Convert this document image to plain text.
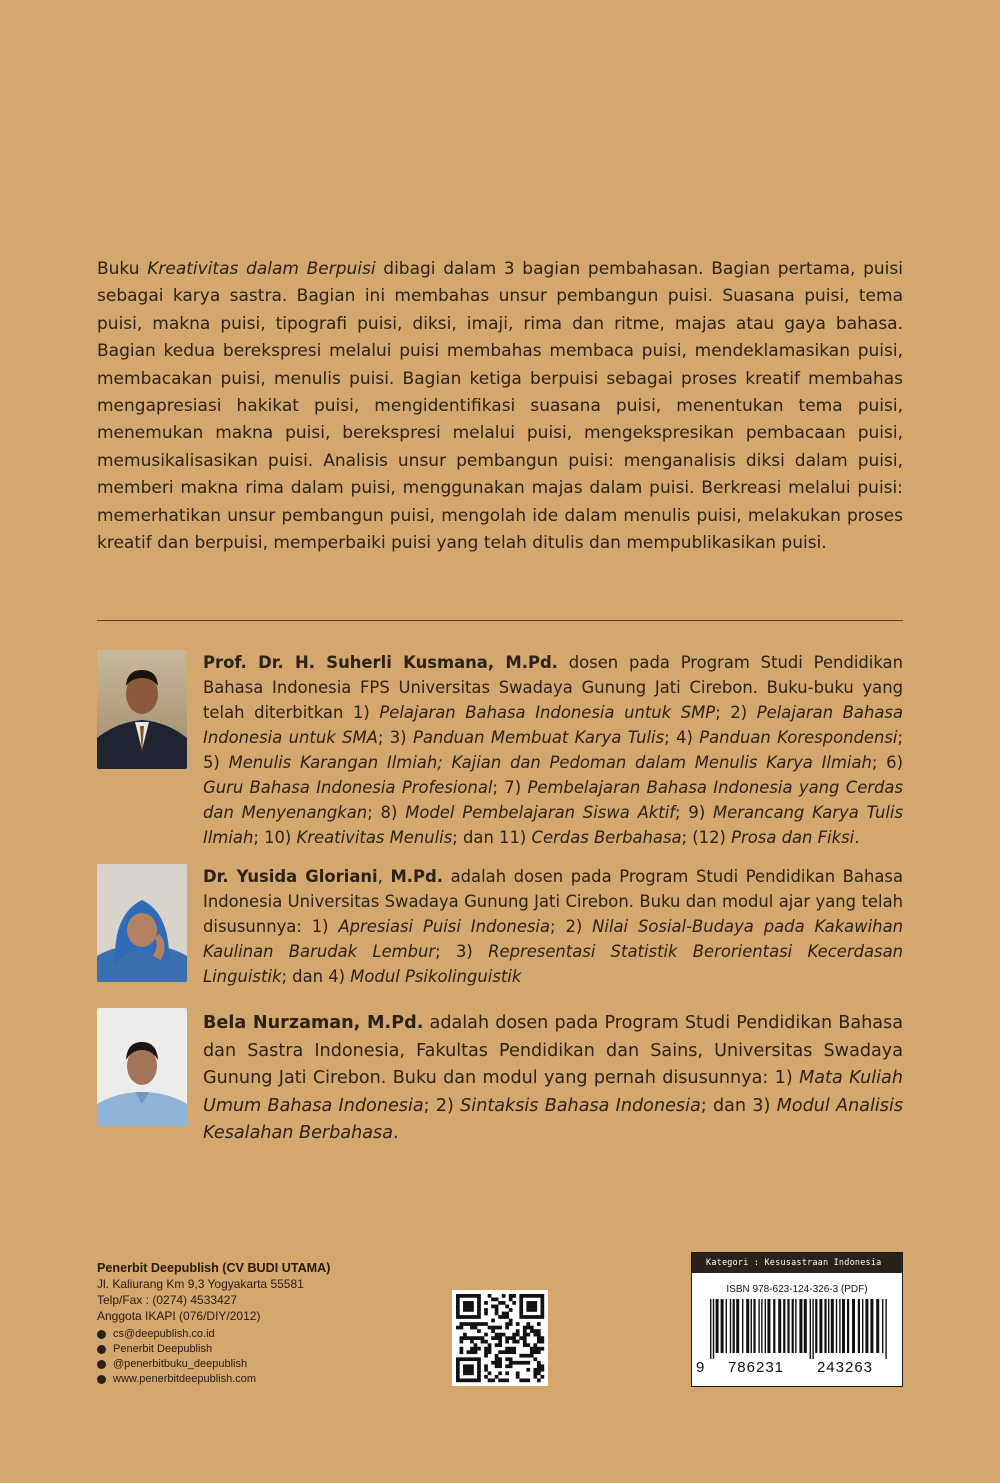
Buku Kreativitas dalam Berpuisi dibagi dalam 3 bagian pembahasan. Bagian pertama, puisi sebagai karya sastra. Bagian ini membahas unsur pembangun puisi. Suasana puisi, tema puisi, makna puisi, tipografi puisi, diksi, imaji, rima dan ritme, majas atau gaya bahasa. Bagian kedua berekspresi melalui puisi membahas membaca puisi, mendeklamasikan puisi, membacakan puisi, menulis puisi. Bagian ketiga berpuisi sebagai proses kreatif membahas mengapresiasi hakikat puisi, mengidentifikasi suasana puisi, menentukan tema puisi, menemukan makna puisi, berekspresi melalui puisi, mengekspresikan pembacaan puisi, memusikalisasikan puisi. Analisis unsur pembangun puisi: menganalisis diksi dalam puisi, memberi makna rima dalam puisi, menggunakan majas dalam puisi. Berkreasi melalui puisi: memerhatikan unsur pembangun puisi, mengolah ide dalam menulis puisi, melakukan proses kreatif dan berpuisi, memperbaiki puisi yang telah ditulis dan mempublikasikan puisi.
Prof. Dr. H. Suherli Kusmana, M.Pd. dosen pada Program Studi Pendidikan Bahasa Indonesia FPS Universitas Swadaya Gunung Jati Cirebon. Buku-buku yang telah diterbitkan 1) Pelajaran Bahasa Indonesia untuk SMP; 2) Pelajaran Bahasa Indonesia untuk SMA; 3) Panduan Membuat Karya Tulis; 4) Panduan Korespondensi; 5) Menulis Karangan Ilmiah; Kajian dan Pedoman dalam Menulis Karya Ilmiah; 6) Guru Bahasa Indonesia Profesional; 7) Pembelajaran Bahasa Indonesia yang Cerdas dan Menyenangkan; 8) Model Pembelajaran Siswa Aktif; 9) Merancang Karya Tulis Ilmiah; 10) Kreativitas Menulis; dan 11) Cerdas Berbahasa; (12) Prosa dan Fiksi.
Dr. Yusida Gloriani, M.Pd. adalah dosen pada Program Studi Pendidikan Bahasa Indonesia Universitas Swadaya Gunung Jati Cirebon. Buku dan modul ajar yang telah disusunnya: 1) Apresiasi Puisi Indonesia; 2) Nilai Sosial-Budaya pada Kakawihan Kaulinan Barudak Lembur; 3) Representasi Statistik Berorientasi Kecerdasan Linguistik; dan 4) Modul Psikolinguistik
Bela Nurzaman, M.Pd. adalah dosen pada Program Studi Pendidikan Bahasa dan Sastra Indonesia, Fakultas Pendidikan dan Sains, Universitas Swadaya Gunung Jati Cirebon. Buku dan modul yang pernah disusunnya: 1) Mata Kuliah Umum Bahasa Indonesia; 2) Sintaksis Bahasa Indonesia; dan 3) Modul Analisis Kesalahan Berbahasa.
Penerbit Deepublish (CV BUDI UTAMA)
Jl. Kaliurang Km 9,3 Yogyakarta 55581
Telp/Fax : (0274) 4533427
Anggota IKAPI (076/DIY/2012)
cs@deepublish.co.id
Penerbit Deepublish
@penerbitbuku_deepublish
www.penerbitdeepublish.com
Kategori : Kesusastraan Indonesia
ISBN 978-623-124-326-3 (PDF)
9	786231	243263
